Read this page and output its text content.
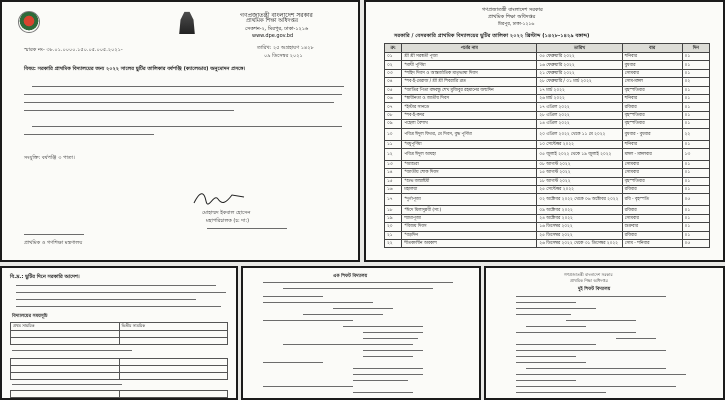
গণপ্রজাতন্ত্রী বাংলাদেশ সরকার
প্রাথমিক শিক্ষা অধিদপ্তর
সেকশন-২, মিরপুর, ঢাকা-১২১৬
www.dpe.gov.bd
স্মারক নং- ৩৮.০১.০০০০.১৫০.০৫.০০৫.২০২১-	তারিখ: ২৫ অগ্রহায়ণ ১৪২৮
০৯ ডিসেম্বর ২০২১
বিষয়: সরকারি প্রাথমিক বিদ্যালয়ের জন্য ২০২২ সালের ছুটির তালিকার বর্ষপঞ্জি (ক্যালেন্ডার) অনুমোদন প্রসঙ্গে।
সংযুক্তি: বর্ষপঞ্জি ৩ পাতা।
মোহাম্মদ ইকবাল হোসেন
মহাপরিচালক (চ: দা:)
প্রাথমিক ও গণশিক্ষা মন্ত্রণালয়
গণপ্রজাতন্ত্রী বাংলাদেশ সরকার
প্রাথমিক শিক্ষা অধিদপ্তর
মিরপুর, ঢাকা-১২১৬
সরকারি / বেসরকারি প্রাথমিক বিদ্যালয়ের ছুটির তালিকা ২০২২ খ্রিস্টাব্দ (১৪২৮-১৪২৯ বঙ্গাব্দ)
ক্র:	পর্বের নাম	তারিখ	বার	দিন
০১	শ্রী শ্রী সরস্বতী পূজা	০৫ ফেব্রুয়ারি ২০২২	শনিবার	০১
০২	*মাঘী পূর্ণিমা	১৬ ফেব্রুয়ারি ২০২২	বুধবার	০১
০৩	*শহিদ দিবস ও আন্তর্জাতিক মাতৃভাষা দিবস	২১ ফেব্রুয়ারি ২০২২	সোমবার	০১
০৪	*শব-ই-মেরাজ / শ্রী শ্রী শিবরাত্রি ব্রত	২৮ ফেব্রুয়ারি / ০১ মার্চ ২০২২	সোম-মঙ্গল	০২
০৫	*জাতির পিতা বঙ্গবন্ধু শেখ মুজিবুর রহমানের জন্মদিন	১৭ মার্চ ২০২২	বৃহস্পতিবার	০১
০৬	*স্বাধীনতা ও জাতীয় দিবস	২৬ মার্চ ২০২২	শনিবার	০১
০৭	*ইস্টার সানডে	১৭ এপ্রিল ২০২২	রবিবার	০১
০৮	*শব-ই-কদর	২৮ এপ্রিল ২০২২	বৃহস্পতিবার	০১
০৯	পহেলা বৈশাখ	১৪ এপ্রিল ২০২২	বৃহস্পতিবার	০১
১০	পবিত্র ঈদুল ফিতর, মে দিবস, বুদ্ধ পূর্ণিমা	২০ এপ্রিল ২০২২ থেকে ১১ মে ২০২২	বুধবার - বুধবার	২২
১১	*মধুপূর্ণিমা	১০ সেপ্টেম্বর ২০২২	শনিবার	০১
১২	পবিত্র ঈদুল আযহা	০৫ জুলাই ২০২২ থেকে ১৯ জুলাই ২০২২	মঙ্গল - মঙ্গলবার	১৩
১৩	*আশুরা	০৮ আগস্ট ২০২২	সোমবার	০১
১৪	*জাতীয় শোক দিবস	১৫ আগস্ট ২০২২	সোমবার	০১
১৫	*শুভ জন্মাষ্টমী	১৮ আগস্ট ২০২২	বৃহস্পতিবার	০১
১৬	মহালয়া	২৫ সেপ্টেম্বর ২০২২	রবিবার	০১
১৭	*দুর্গাপূজা	০২ অক্টোবর ২০২২ থেকে ০৬ অক্টোবর ২০২২	রবি - বৃহস্পতি	০৫
১৮	*ঈদে মিলাদুন্নবী (সা:)	০৯ অক্টোবর ২০২২	রবিবার	০১
১৯	শ্যামাপূজা	২৪ অক্টোবর ২০২২	সোমবার	০১
২০	*বিজয় দিবস	১৬ ডিসেম্বর ২০২২	শুক্রবার	০১
২১	*বড়দিন	২৫ ডিসেম্বর ২০২২	রবিবার	০১
২২	শীতকালীন অবকাশ	২৬ ডিসেম্বর ২০২২ থেকে ৩১ ডিসেম্বর ২০২২	সোম - শনিবার	০৫
বি.দ্র.: ছুটির দিনে সরকারি আদেশ।
বিদ্যালয়ের সময়সূচি
প্রথম সাময়িক	দ্বিতীয় সাময়িক

এক শিফট বিদ্যালয়	গণপ্রজাতন্ত্রী বাংলাদেশ সরকার
প্রাথমিক শিক্ষা অধিদপ্তর
দুই শিফট বিদ্যালয়
